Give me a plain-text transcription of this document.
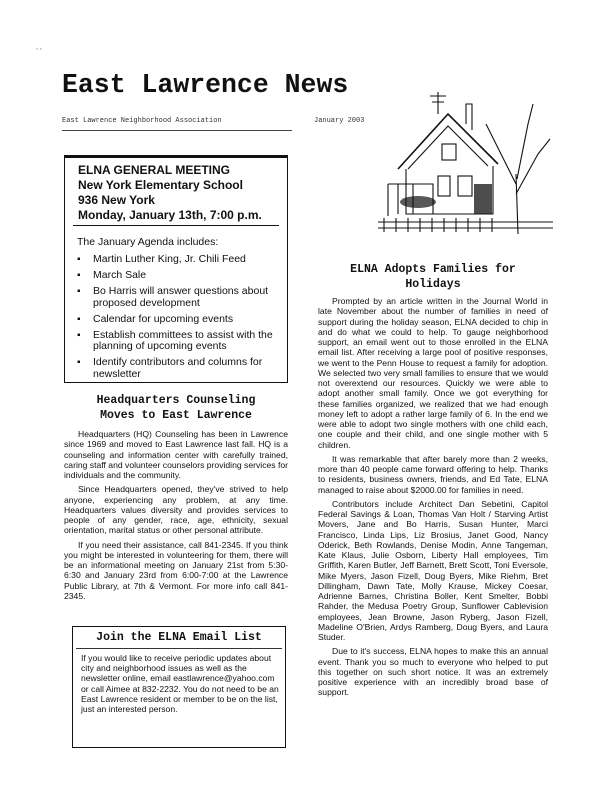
, ,
East Lawrence News
East Lawrence Neighborhood Association	January 2003
ELNA GENERAL MEETING
New York Elementary School
936 New York
Monday, January 13th, 7:00 p.m.
The January Agenda includes:
▪ Martin Luther King, Jr. Chili Feed
▪ March Sale
▪ Bo Harris will answer questions about proposed development
▪ Calendar for upcoming events
▪ Establish committees to assist with the planning of upcoming events
▪ Identify contributors and columns for newsletter
Headquarters Counseling
Moves to East Lawrence

Headquarters (HQ) Counseling has been in Lawrence since 1969 and moved to East Lawrence last fall. HQ is a counseling and information center with carefully trained, caring staff and volunteer counselors providing services for individuals and the community.

Since Headquarters opened, they've strived to help anyone, experiencing any problem, at any time. Headquarters values diversity and provides services to people of any gender, race, age, ethnicity, sexual orientation, marital status or other personal attribute.

If you need their assistance, call 841-2345. If you think you might be interested in volunteering for them, there will be an informational meeting on January 21st from 5:30-6:30 and January 23rd from 6:00-7:00 at the Lawrence Public Library, at 7th & Vermont. For more info call 841-2345.

Join the ELNA Email List

If you would like to receive periodic updates about city and neighborhood issues as well as the newsletter online, email eastlawrence@yahoo.com or call Aimee at 832-2232. You do not need to be an East Lawrence resident or member to be on the list, just an interested person.

ELNA Adopts Families for
Holidays

Prompted by an article written in the Journal World in late November about the number of families in need of support during the holiday season, ELNA decided to chip in and do what we could to help. To gauge neighborhood support, an email went out to those enrolled in the ELNA email list. After receiving a large pool of positive responses, we went to the Penn House to request a family for adoption. We selected two very small families to ensure that we would not overextend our resources. Quickly we were able to adopt another small family. Once we got everything for these families organized, we realized that we had enough money left to adopt a rather large family of 6. In the end we were able to adopt two single mothers with one child each, one couple and their child, and one single mother with 5 children.

It was remarkable that after barely more than 2 weeks, more than 40 people came forward offering to help. Thanks to residents, business owners, friends, and Ed Tate, ELNA managed to raise about $2000.00 for families in need.

Contributors include Architect Dan Sebetini, Capitol Federal Savings & Loan, Thomas Van Holt / Starving Artist Movers, Jane and Bo Harris, Susan Hunter, Marci Francisco, Linda Lips, Liz Brosius, Janet Good, Nancy Oderick, Beth Rowlands, Denise Modin, Anne Tangeman, Kate Klaus, Julie Osborn, Liberty Hall employees, Tim Griffith, Karen Butler, Jeff Barnett, Brett Scott, Toni Eversole, Mike Myers, Jason Fizell, Doug Byers, Mike Riehm, Bret Dillingham, Dawn Tate, Molly Krause, Mickey Coesar, Adrienne Barnes, Christina Boller, Kent Smelter, Bobbi Rahder, the Medusa Poetry Group, Sunflower Cablevision employees, Jean Browne, Jason Ryberg, Jason Fizell, Madeline O'Brien, Ardys Ramberg, Doug Byers, and Laura Studer.

Due to it's success, ELNA hopes to make this an annual event. Thank you so much to everyone who helped to put this together on such short notice. It was an extremely positive experience with an incredibly broad base of support.
